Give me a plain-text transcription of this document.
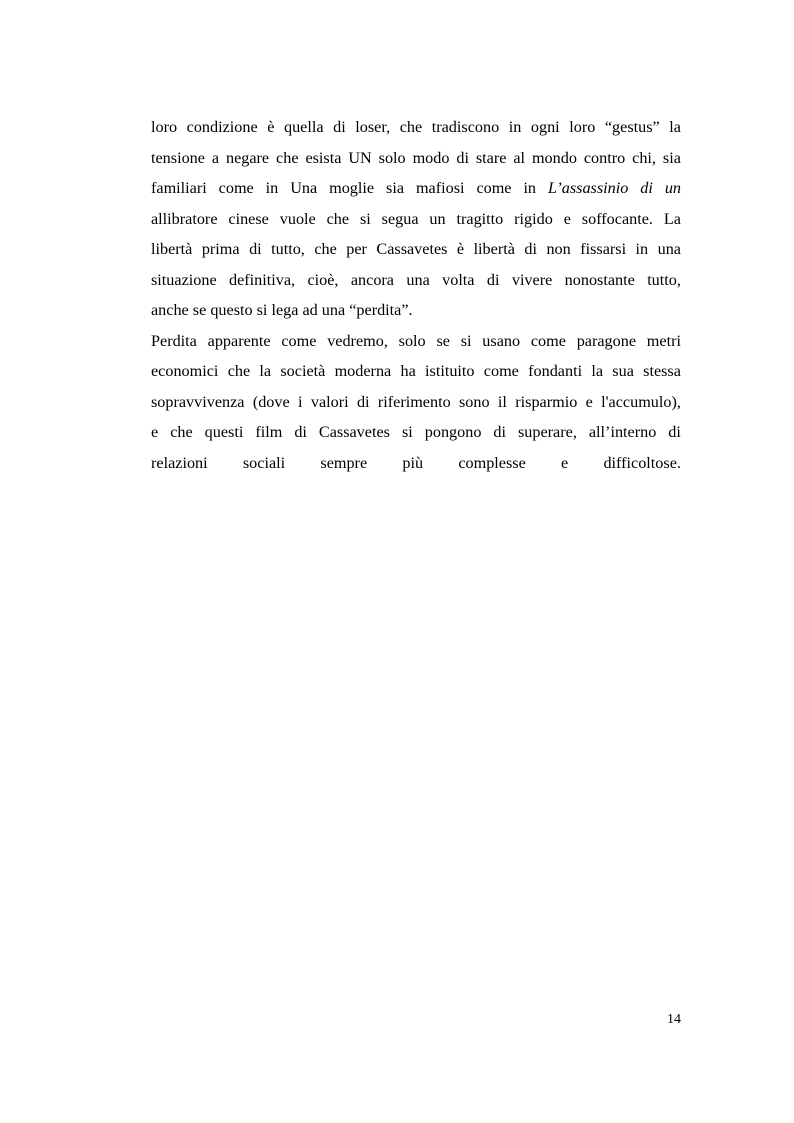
loro condizione è quella di loser, che tradiscono in ogni loro “gestus” la
tensione a negare che esista UN solo modo di stare al mondo contro chi, sia
familiari come in Una moglie sia mafiosi come in L’assassinio di un
allibratore cinese vuole che si segua un tragitto rigido e soffocante. La
libertà prima di tutto, che per Cassavetes è libertà di non fissarsi in una
situazione definitiva, cioè, ancora una volta di vivere nonostante tutto,
anche se questo si lega ad una “perdita”.
Perdita apparente come vedremo, solo se si usano come paragone metri
economici che la società moderna ha istituito come fondanti la sua stessa
sopravvivenza (dove i valori di riferimento sono il risparmio e l'accumulo),
e che questi film di Cassavetes si pongono di superare, all’interno di
relazioni sociali sempre più complesse e difficoltose.
14
